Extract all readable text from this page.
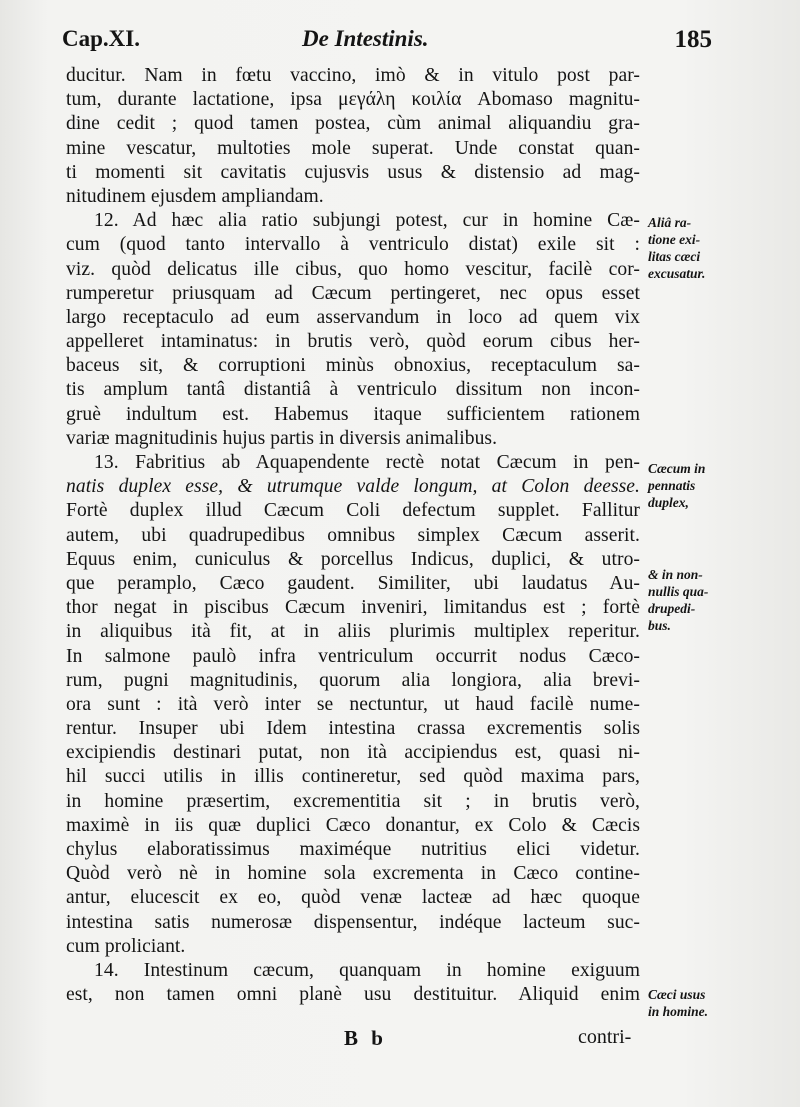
Cap.XI.	De Intestinis.	185
ducitur. Nam in fœtu vaccino, imò & in vitulo post par-
tum, durante lactatione, ipsa μεγάλη κοιλία Abomaso magnitu-
dine cedit ; quod tamen postea, cùm animal aliquandiu gra-
mine vescatur, multoties mole superat. Unde constat quan-
ti momenti sit cavitatis cujusvis usus & distensio ad mag-
nitudinem ejusdem ampliandam.
12. Ad hæc alia ratio subjungi potest, cur in homine Cæ-
cum (quod tanto intervallo à ventriculo distat) exile sit :
viz. quòd delicatus ille cibus, quo homo vescitur, facilè cor-
rumperetur priusquam ad Cæcum pertingeret, nec opus esset
largo receptaculo ad eum asservandum in loco ad quem vix
appelleret intaminatus: in brutis verò, quòd eorum cibus her-
baceus sit, & corruptioni minùs obnoxius, receptaculum sa-
tis amplum tantâ distantiâ à ventriculo dissitum non incon-
gruè indultum est. Habemus itaque sufficientem rationem
variæ magnitudinis hujus partis in diversis animalibus.
13. Fabritius ab Aquapendente rectè notat Cæcum in pen-
natis duplex esse, & utrumque valde longum, at Colon deesse.
Fortè duplex illud Cæcum Coli defectum supplet. Fallitur
autem, ubi quadrupedibus omnibus simplex Cæcum asserit.
Equus enim, cuniculus & porcellus Indicus, duplici, & utro-
que peramplo, Cæco gaudent. Similiter, ubi laudatus Au-
thor negat in piscibus Cæcum inveniri, limitandus est ; fortè
in aliquibus ità fit, at in aliis plurimis multiplex reperitur.
In salmone paulò infra ventriculum occurrit nodus Cæco-
rum, pugni magnitudinis, quorum alia longiora, alia brevi-
ora sunt : ità verò inter se nectuntur, ut haud facilè nume-
rentur. Insuper ubi Idem intestina crassa excrementis solis
excipiendis destinari putat, non ità accipiendus est, quasi ni-
hil succi utilis in illis contineretur, sed quòd maxima pars,
in homine præsertim, excrementitia sit ; in brutis verò,
maximè in iis quæ duplici Cæco donantur, ex Colo & Cæcis
chylus elaboratissimus maximéque nutritius elici videtur.
Quòd verò nè in homine sola excrementa in Cæco contine-
antur, elucescit ex eo, quòd venæ lacteæ ad hæc quoque
intestina satis numerosæ dispensentur, indéque lacteum suc-
cum proliciant.
14. Intestinum cæcum, quanquam in homine exiguum
est, non tamen omni planè usu destituitur. Aliquid enim
Aliâ ra-
tione exi-
litas cæci
excusatur.
Cæcum in
pennatis
duplex,
& in non-
nullis qua-
drupedi-
bus.
Cæci usus
in homine.
B b	contri-
